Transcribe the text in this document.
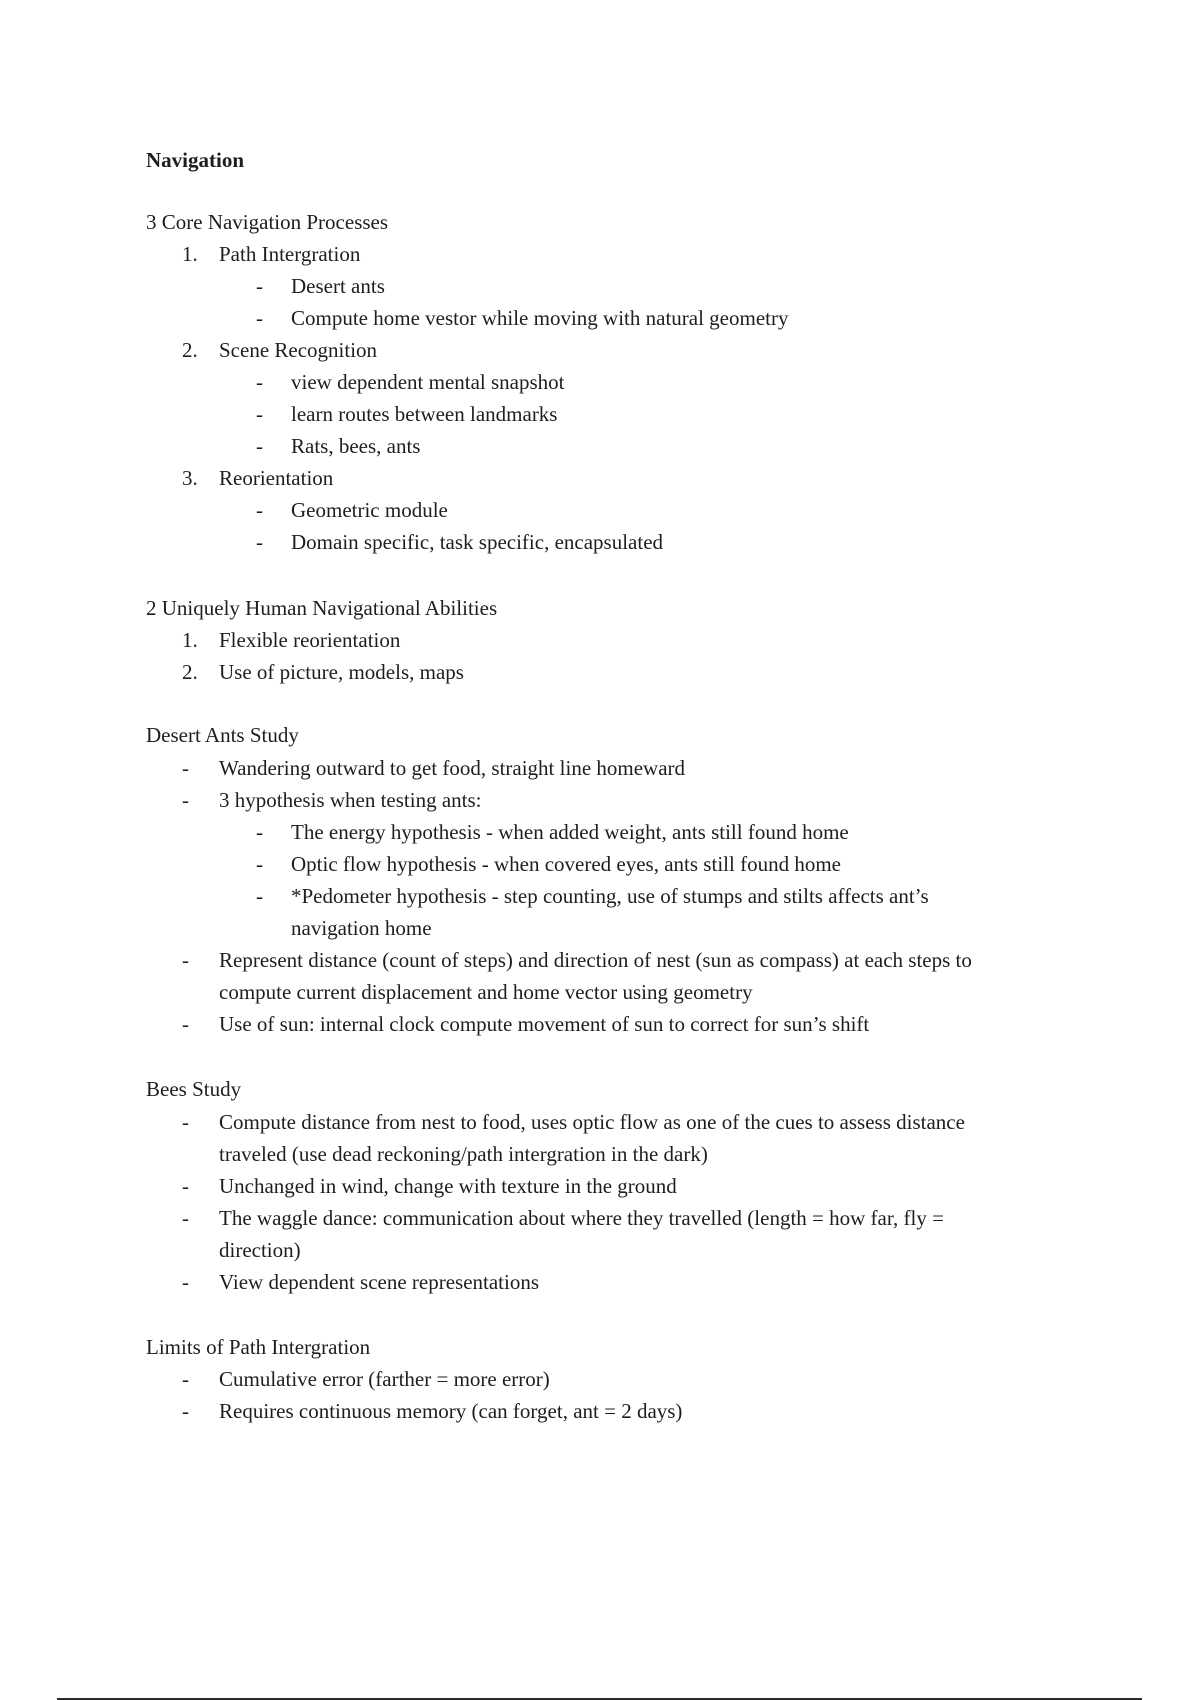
Navigation
3 Core Navigation Processes
1. Path Intergration
- Desert ants
- Compute home vestor while moving with natural geometry
2. Scene Recognition
- view dependent mental snapshot
- learn routes between landmarks
- Rats, bees, ants
3. Reorientation
- Geometric module
- Domain specific, task specific, encapsulated
2 Uniquely Human Navigational Abilities
1. Flexible reorientation
2. Use of picture, models, maps
Desert Ants Study
- Wandering outward to get food, straight line homeward
- 3 hypothesis when testing ants:
- The energy hypothesis - when added weight, ants still found home
- Optic flow hypothesis - when covered eyes, ants still found home
- *Pedometer hypothesis - step counting, use of stumps and stilts affects ant’s
navigation home
- Represent distance (count of steps) and direction of nest (sun as compass) at each steps to
compute current displacement and home vector using geometry
- Use of sun: internal clock compute movement of sun to correct for sun’s shift
Bees Study
- Compute distance from nest to food, uses optic flow as one of the cues to assess distance
traveled (use dead reckoning/path intergration in the dark)
- Unchanged in wind, change with texture in the ground
- The waggle dance: communication about where they travelled (length = how far, fly =
direction)
- View dependent scene representations
Limits of Path Intergration
- Cumulative error (farther = more error)
- Requires continuous memory (can forget, ant = 2 days)
